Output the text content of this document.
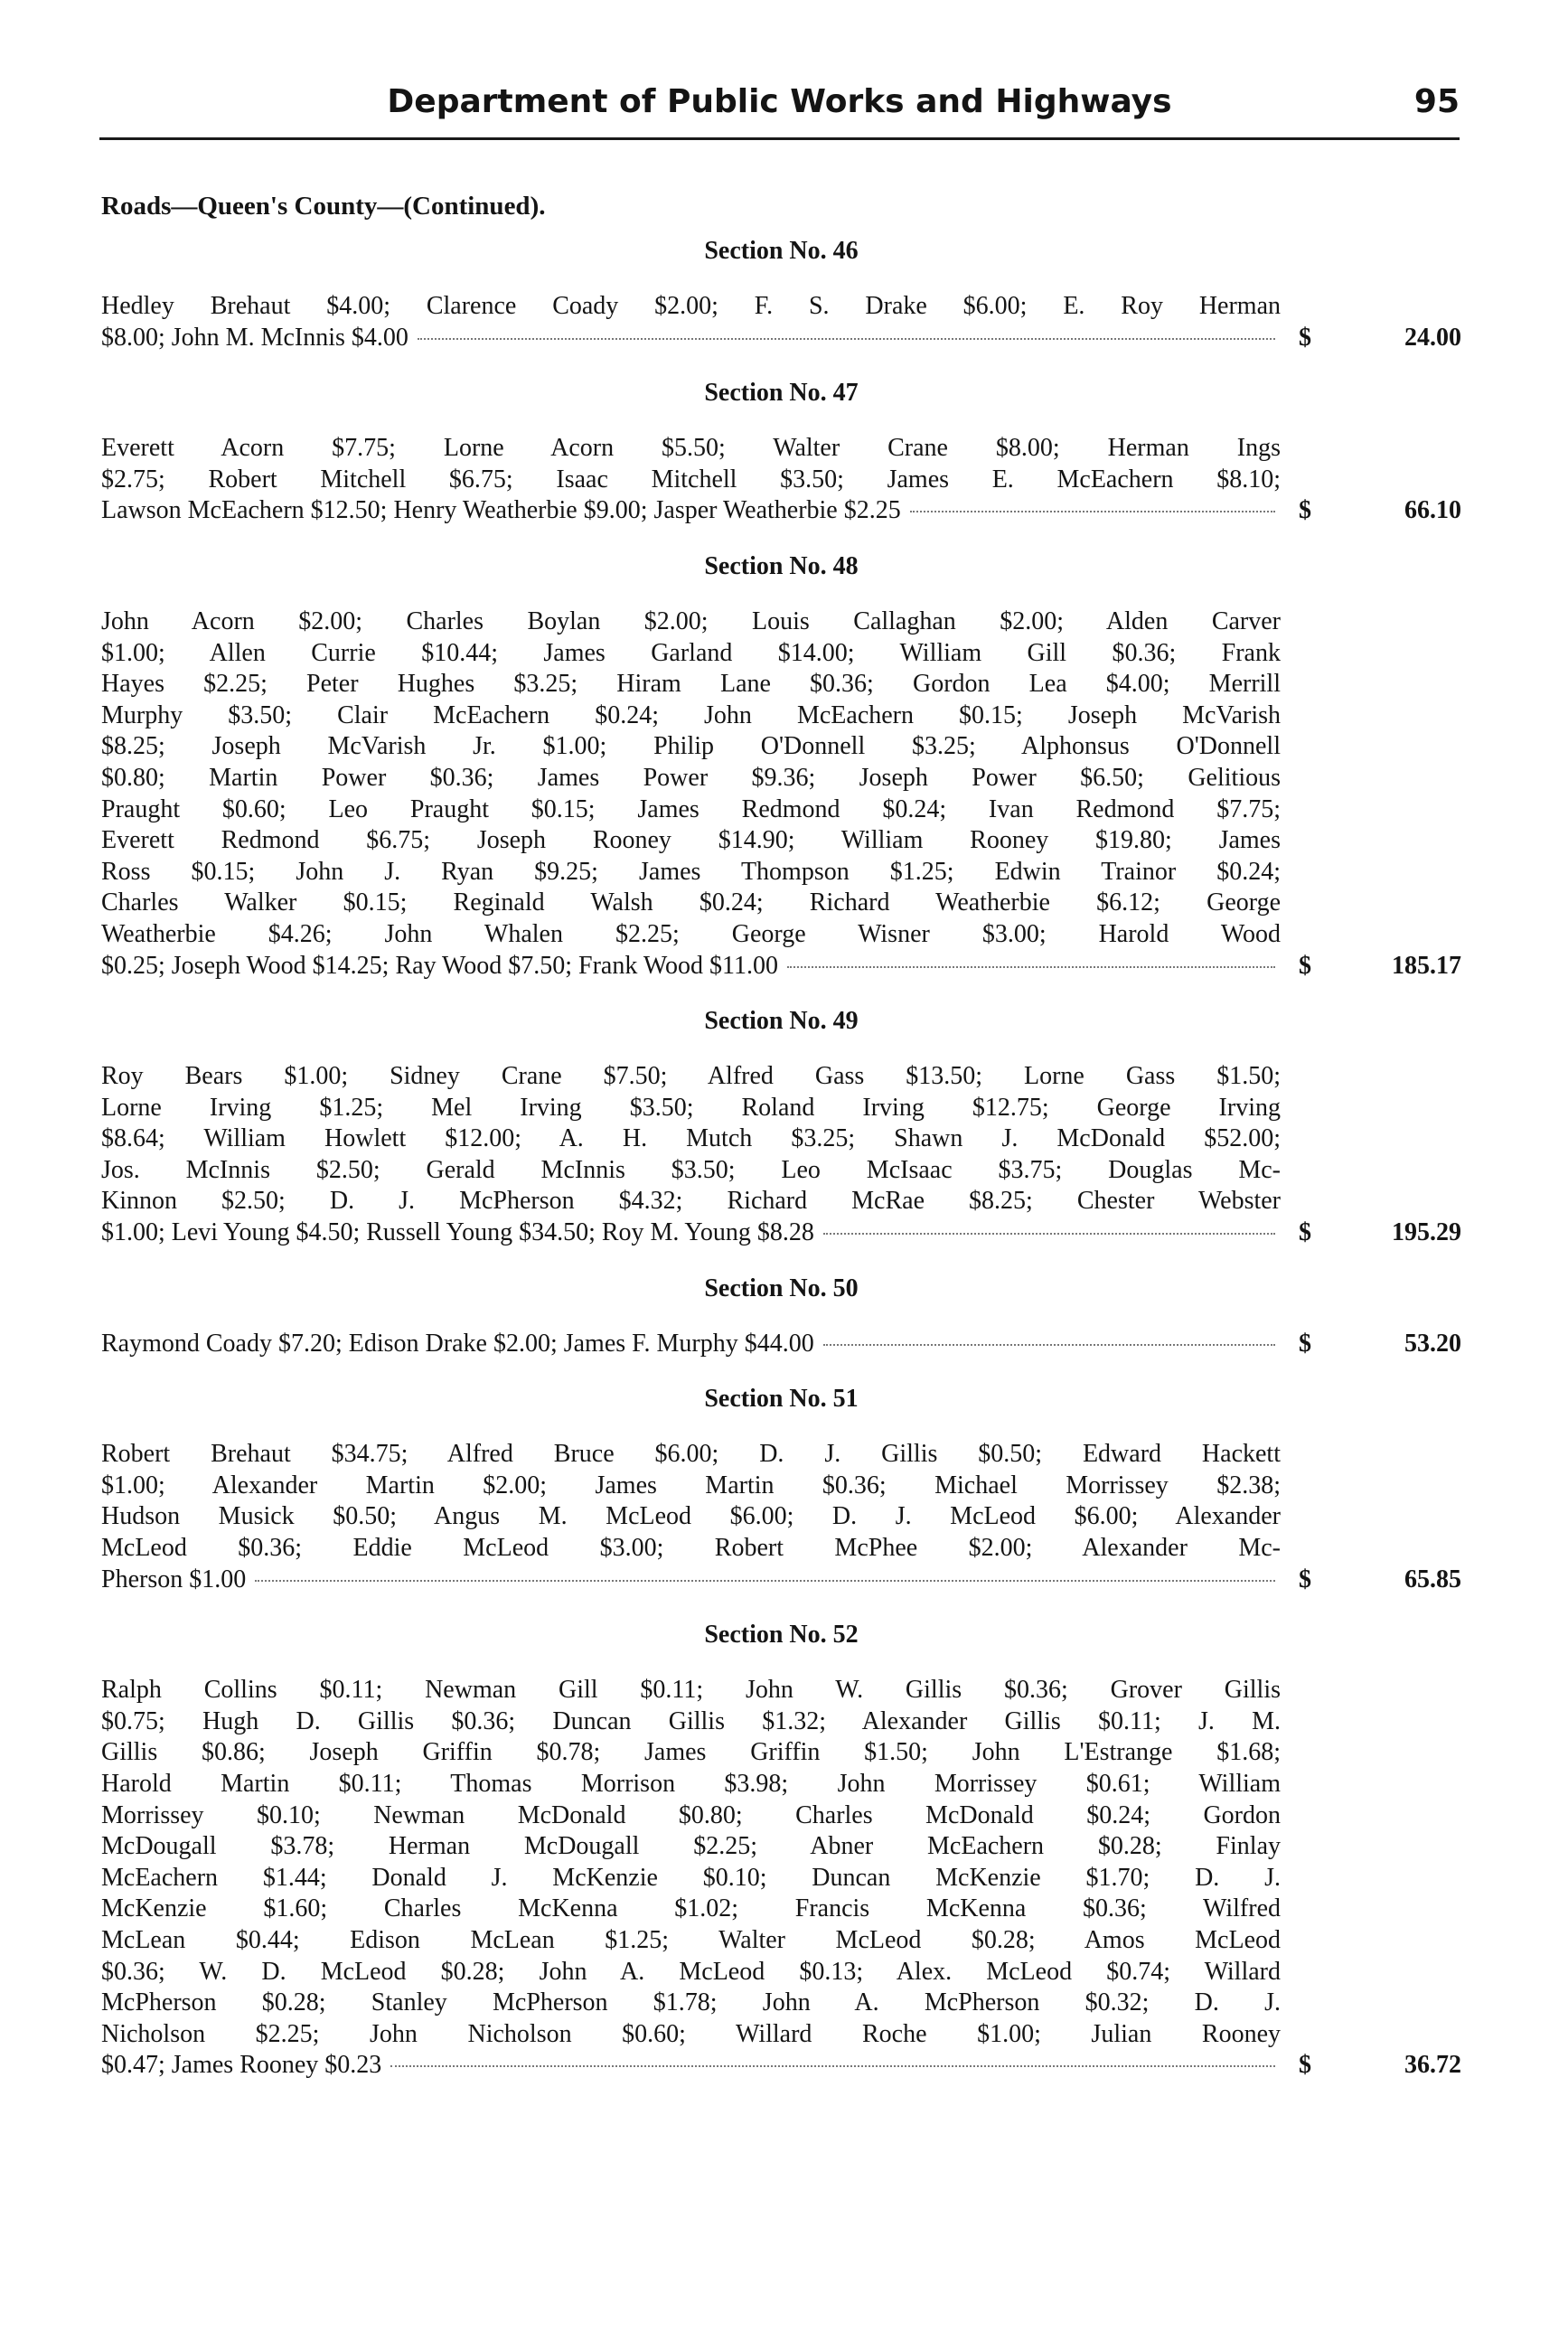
Department of Public Works and Highways	95
Roads—Queen's County—(Continued).
Section No. 46
Hedley Brehaut $4.00; Clarence Coady $2.00; F. S. Drake $6.00; E. Roy Herman
$8.00; John M. McInnis $4.00	$	24.00
Section No. 47
Everett Acorn $7.75; Lorne Acorn $5.50; Walter Crane $8.00; Herman Ings
$2.75; Robert Mitchell $6.75; Isaac Mitchell $3.50; James E. McEachern $8.10;
Lawson McEachern $12.50; Henry Weatherbie $9.00; Jasper Weatherbie $2.25	$	66.10
Section No. 48
John Acorn $2.00; Charles Boylan $2.00; Louis Callaghan $2.00; Alden Carver
$1.00; Allen Currie $10.44; James Garland $14.00; William Gill $0.36; Frank
Hayes $2.25; Peter Hughes $3.25; Hiram Lane $0.36; Gordon Lea $4.00; Merrill
Murphy $3.50; Clair McEachern $0.24; John McEachern $0.15; Joseph McVarish
$8.25; Joseph McVarish Jr. $1.00; Philip O'Donnell $3.25; Alphonsus O'Donnell
$0.80; Martin Power $0.36; James Power $9.36; Joseph Power $6.50; Gelitious
Praught $0.60; Leo Praught $0.15; James Redmond $0.24; Ivan Redmond $7.75;
Everett Redmond $6.75; Joseph Rooney $14.90; William Rooney $19.80; James
Ross $0.15; John J. Ryan $9.25; James Thompson $1.25; Edwin Trainor $0.24;
Charles Walker $0.15; Reginald Walsh $0.24; Richard Weatherbie $6.12; George
Weatherbie $4.26; John Whalen $2.25; George Wisner $3.00; Harold Wood
$0.25; Joseph Wood $14.25; Ray Wood $7.50; Frank Wood $11.00	$	185.17
Section No. 49
Roy Bears $1.00; Sidney Crane $7.50; Alfred Gass $13.50; Lorne Gass $1.50;
Lorne Irving $1.25; Mel Irving $3.50; Roland Irving $12.75; George Irving
$8.64; William Howlett $12.00; A. H. Mutch $3.25; Shawn J. McDonald $52.00;
Jos. McInnis $2.50; Gerald McInnis $3.50; Leo McIsaac $3.75; Douglas Mc-
Kinnon $2.50; D. J. McPherson $4.32; Richard McRae $8.25; Chester Webster
$1.00; Levi Young $4.50; Russell Young $34.50; Roy M. Young $8.28	$	195.29
Section No. 50
Raymond Coady $7.20; Edison Drake $2.00; James F. Murphy $44.00	$	53.20
Section No. 51
Robert Brehaut $34.75; Alfred Bruce $6.00; D. J. Gillis $0.50; Edward Hackett
$1.00; Alexander Martin $2.00; James Martin $0.36; Michael Morrissey $2.38;
Hudson Musick $0.50; Angus M. McLeod $6.00; D. J. McLeod $6.00; Alexander
McLeod $0.36; Eddie McLeod $3.00; Robert McPhee $2.00; Alexander Mc-
Pherson $1.00	$	65.85
Section No. 52
Ralph Collins $0.11; Newman Gill $0.11; John W. Gillis $0.36; Grover Gillis
$0.75; Hugh D. Gillis $0.36; Duncan Gillis $1.32; Alexander Gillis $0.11; J. M.
Gillis $0.86; Joseph Griffin $0.78; James Griffin $1.50; John L'Estrange $1.68;
Harold Martin $0.11; Thomas Morrison $3.98; John Morrissey $0.61; William
Morrissey $0.10; Newman McDonald $0.80; Charles McDonald $0.24; Gordon
McDougall $3.78; Herman McDougall $2.25; Abner McEachern $0.28; Finlay
McEachern $1.44; Donald J. McKenzie $0.10; Duncan McKenzie $1.70; D. J.
McKenzie $1.60; Charles McKenna $1.02; Francis McKenna $0.36; Wilfred
McLean $0.44; Edison McLean $1.25; Walter McLeod $0.28; Amos McLeod
$0.36; W. D. McLeod $0.28; John A. McLeod $0.13; Alex. McLeod $0.74; Willard
McPherson $0.28; Stanley McPherson $1.78; John A. McPherson $0.32; D. J.
Nicholson $2.25; John Nicholson $0.60; Willard Roche $1.00; Julian Rooney
$0.47; James Rooney $0.23	$	36.72
